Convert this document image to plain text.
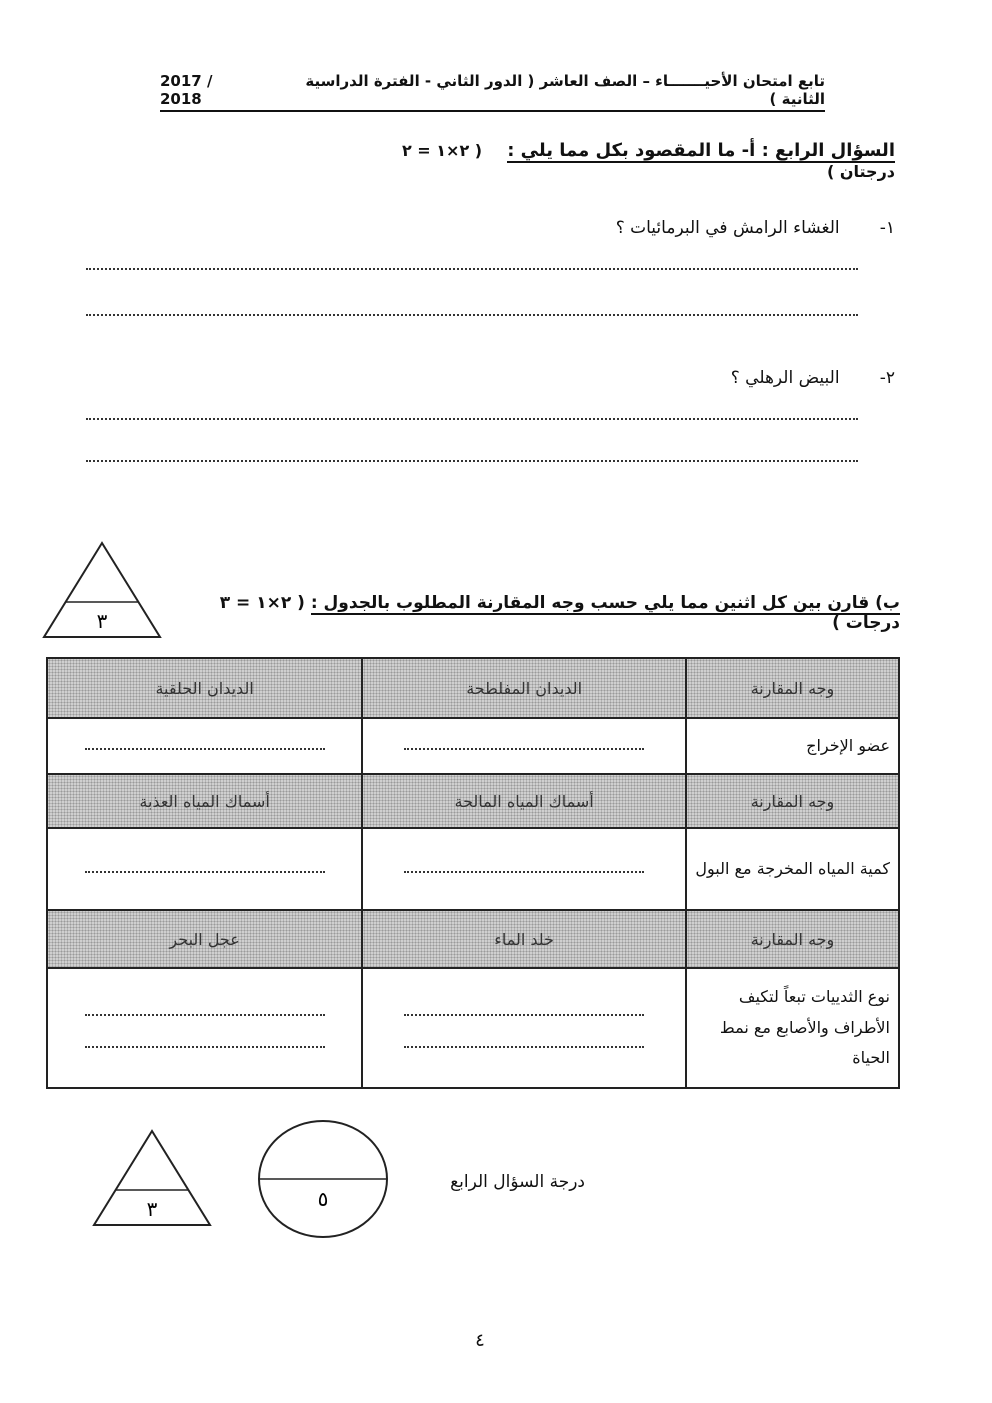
تابع امتحان الأحيـــــــاء – الصف العاشر ( الدور الثاني - الفترة الدراسية الثانية )
2017 / 2018
السؤال الرابع : أ- ما المقصود بكل مما يلي :    ( ٢×١ = ٢ درجتان )
١- الغشاء الرامش في البرمائيات ؟
٢- البيض الرهلي ؟
٣
ب) قارن بين كل اثنين مما يلي حسب وجه المقارنة المطلوب بالجدول : ( ٢×١ = ٣ درجات )
وجه المقارنة	الديدان المفلطحة	الديدان الحلقية
عضو الإخراج		
وجه المقارنة	أسماك المياه المالحة	أسماك المياه العذبة
كمية المياه المخرجة مع البول		
وجه المقارنة	خلد الماء	عجل البحر
نوع الثدييات تبعاً لتكيف الأطراف والأصابع مع نمط الحياة	

٣	٥
درجة السؤال الرابع
٤
